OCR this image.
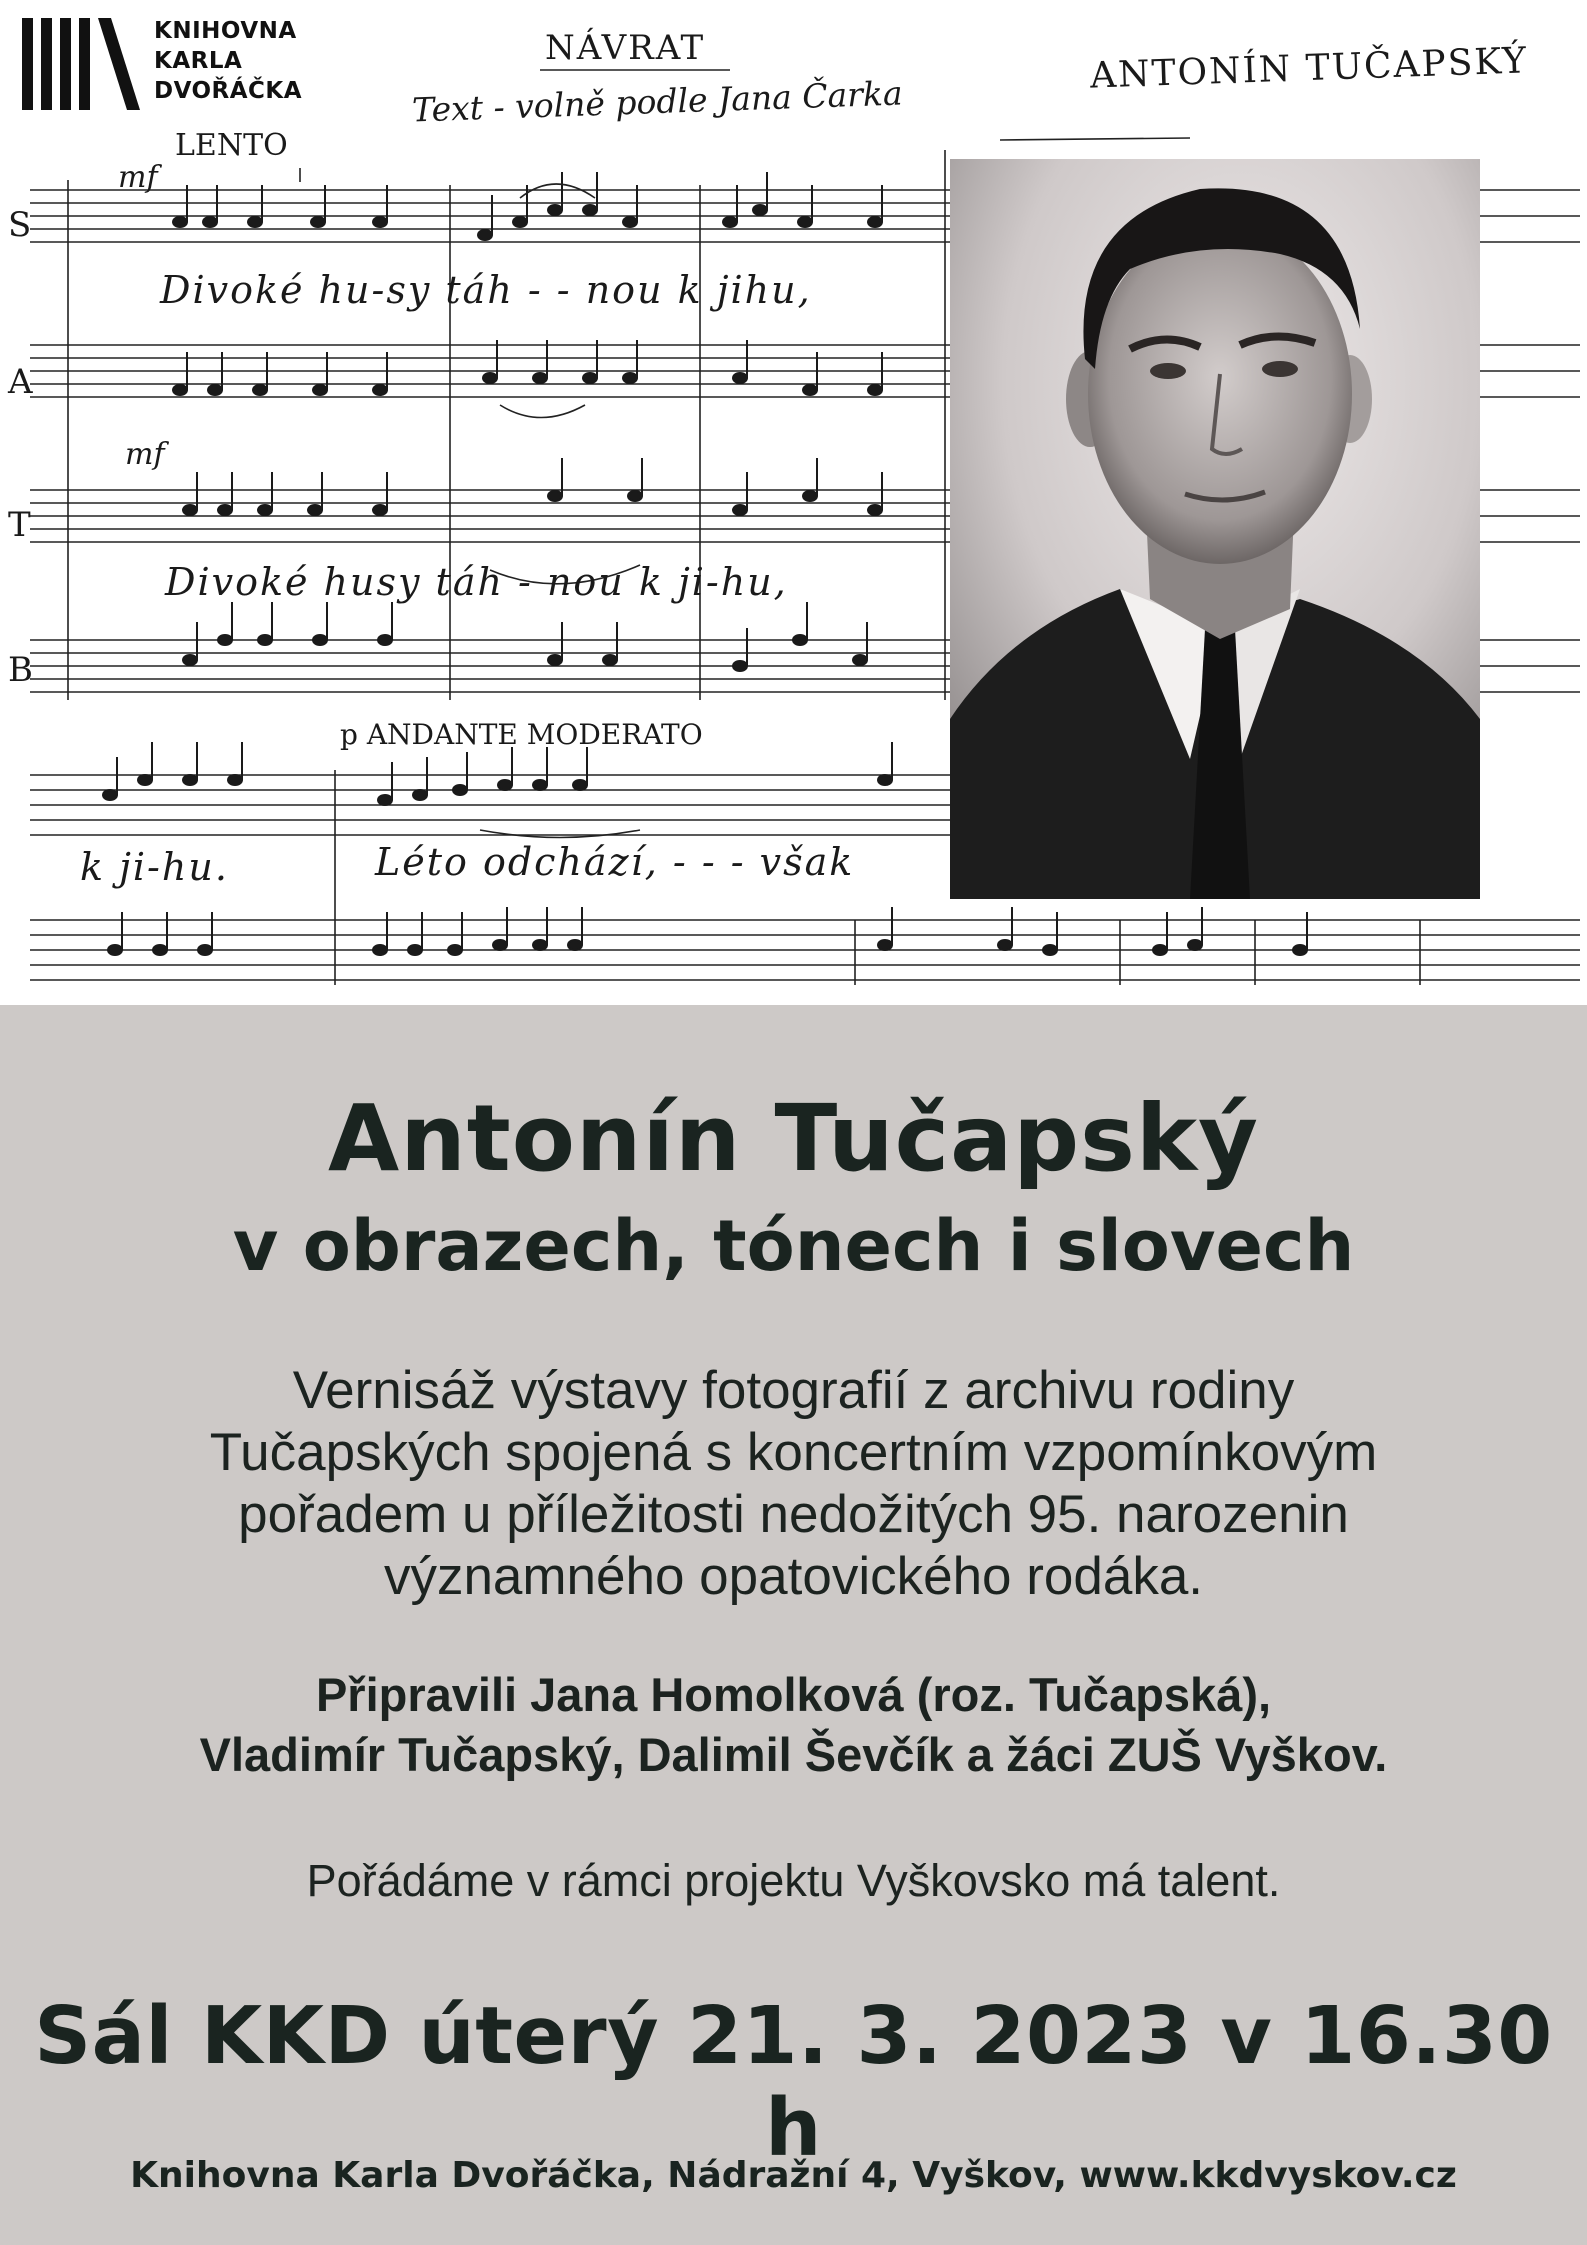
NÁVRAT
Text - volně podle Jana Čarka
ANTONÍN TUČAPSKÝ
LENTO
p ANDANTE MODERATO
mf
mf
S
A
T
B
Divoké hu-sy táh - - nou k jihu,
Divoké husy táh - nou k ji-hu,
k ji-hu.	Léto odchází, - - - však
KNIHOVNA
KARLA
DVOŘÁČKA
Antonín Tučapský
v obrazech, tónech i slovech
Vernisáž výstavy fotografií z archivu rodiny
Tučapských spojená s koncertním vzpomínkovým
pořadem u příležitosti nedožitých 95. narozenin
významného opatovického rodáka.
Připravili Jana Homolková (roz. Tučapská),
Vladimír Tučapský, Dalimil Ševčík a žáci ZUŠ Vyškov.
Pořádáme v rámci projektu Vyškovsko má talent.
Sál KKD úterý 21. 3. 2023 v 16.30 h
Knihovna Karla Dvořáčka, Nádražní 4, Vyškov, www.kkdvyskov.cz
